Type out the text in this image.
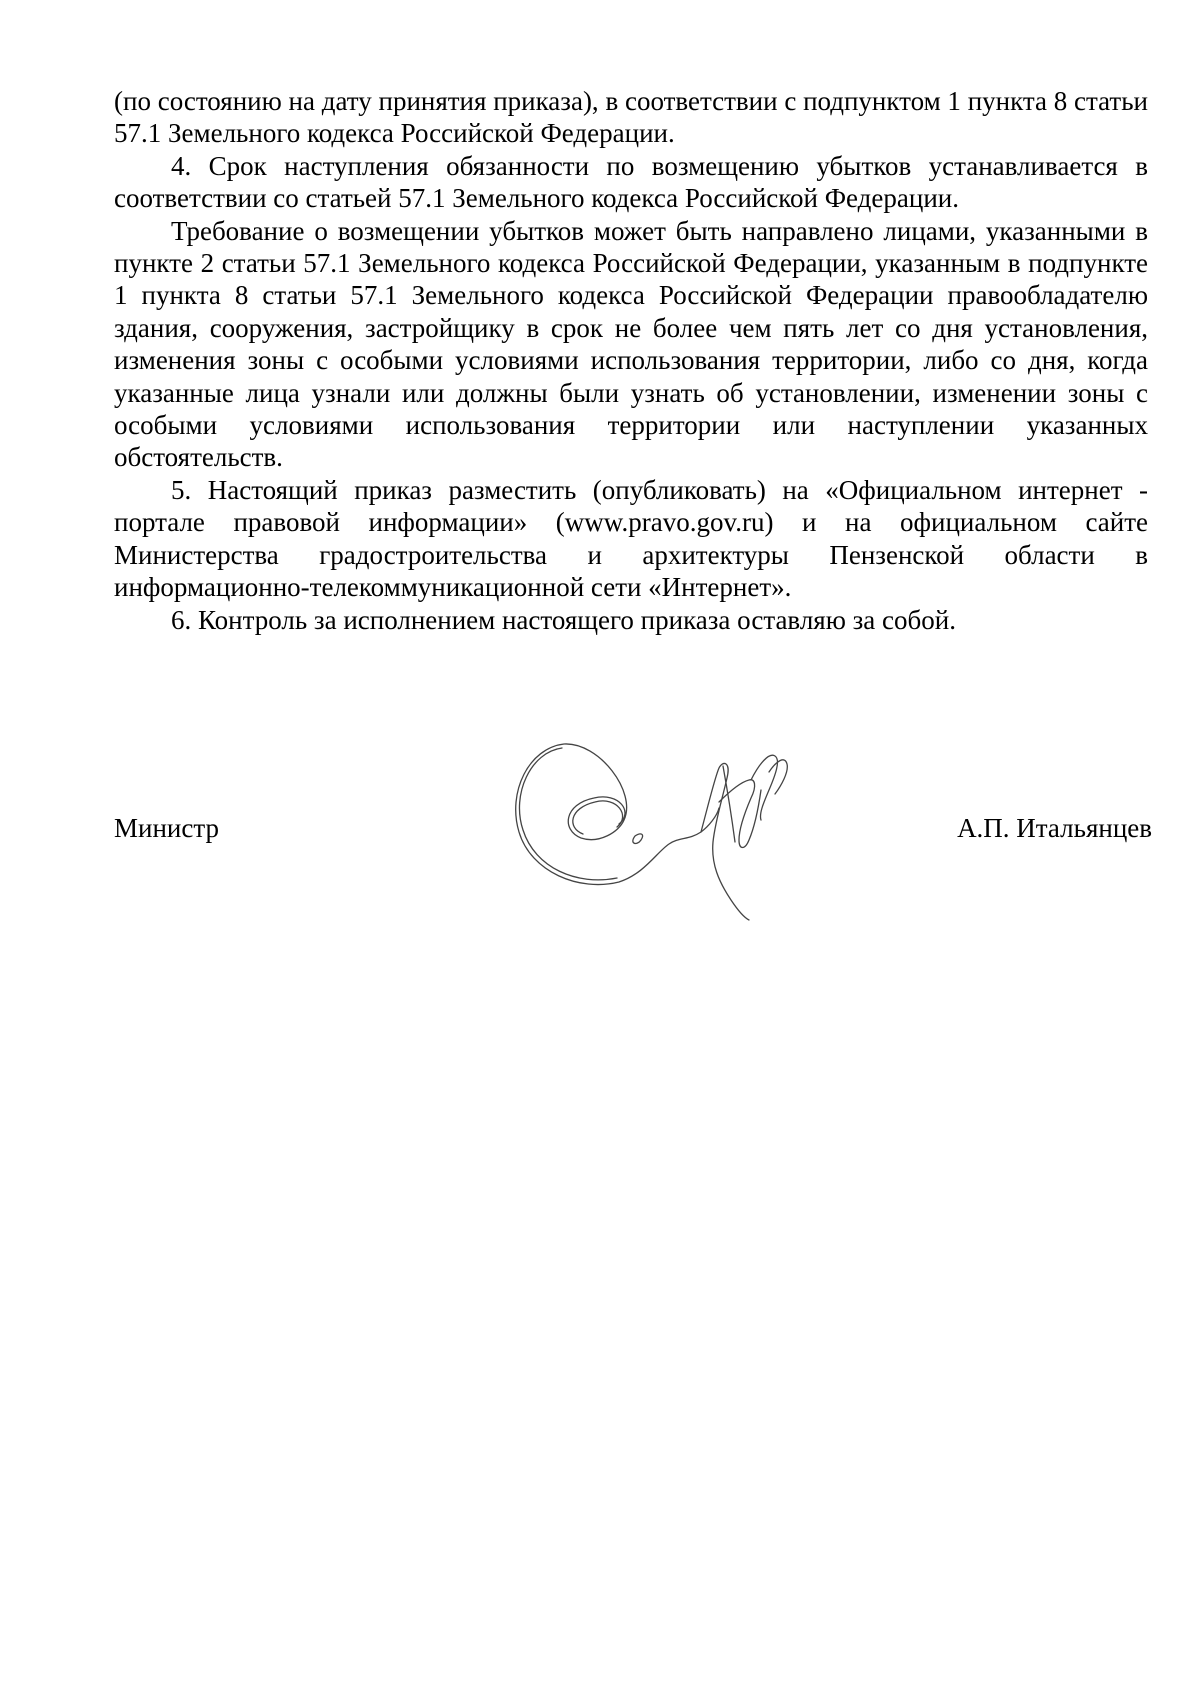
(по состоянию на дату принятия приказа), в соответствии с подпунктом 1 пункта 8 статьи 57.1 Земельного кодекса Российской Федерации.

4. Срок наступления обязанности по возмещению убытков устанавливается в соответствии со статьей 57.1 Земельного кодекса Российской Федерации.

Требование о возмещении убытков может быть направлено лицами, указанными в пункте 2 статьи 57.1 Земельного кодекса Российской Федерации, указанным в подпункте 1 пункта 8 статьи 57.1 Земельного кодекса Российской Федерации правообладателю здания, сооружения, застройщику в срок не более чем пять лет со дня установления, изменения зоны с особыми условиями использования территории, либо со дня, когда указанные лица узнали или должны были узнать об установлении, изменении зоны с особыми условиями использования территории или наступлении указанных обстоятельств.

5. Настоящий приказ разместить (опубликовать) на «Официальном интернет - портале правовой информации» (www.pravo.gov.ru) и на официальном сайте Министерства градостроительства и архитектуры Пензенской области в информационно-телекоммуникационной сети «Интернет».

6. Контроль за исполнением настоящего приказа оставляю за собой.

Министр	А.П. Итальянцев
